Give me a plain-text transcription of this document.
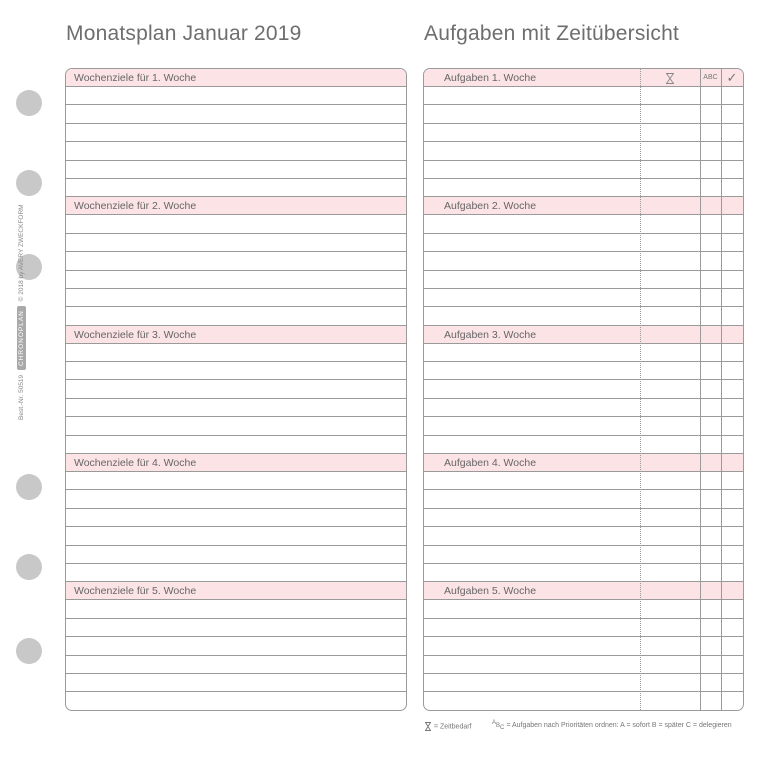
Monatsplan Januar 2019	Aufgaben mit Zeitübersicht
Best.-Nr. 50519 CHRONOPLAN © 2018 by AVERY ZWECKFORM
Wochenziele für 1. Woche
Wochenziele für 2. Woche
Wochenziele für 3. Woche
Wochenziele für 4. Woche
Wochenziele für 5. Woche
Aufgaben 1. Woche
Aufgaben 2. Woche
Aufgaben 3. Woche
Aufgaben 4. Woche
Aufgaben 5. Woche
ABC ✓
= Zeitbedarf
ABC = Aufgaben nach Prioritäten ordnen: A = sofort B = später C = delegieren
